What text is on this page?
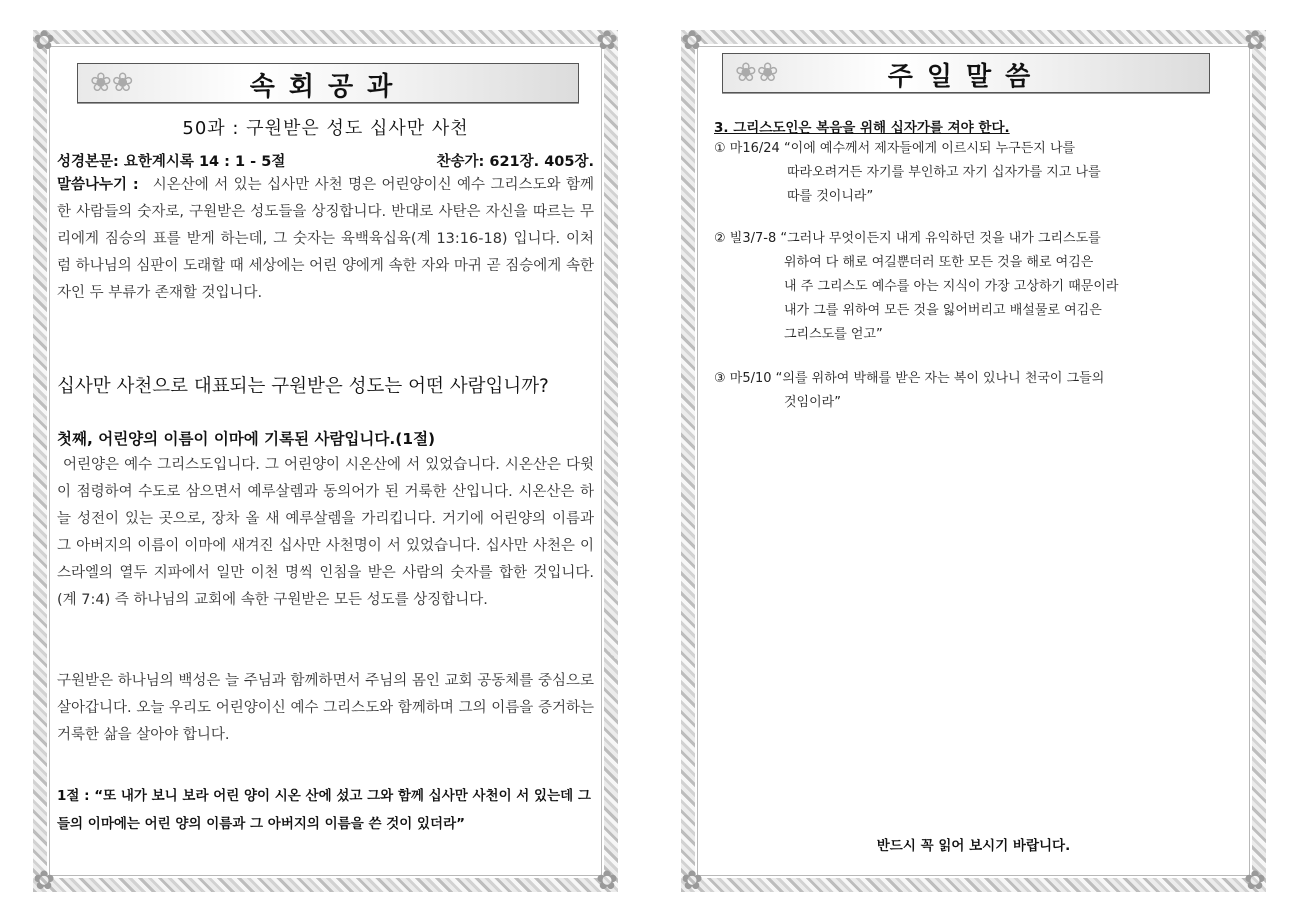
✿	✿
✿	✿
❀❀	속회공과
50과 : 구원받은 성도 십사만 사천
성경본문: 요한계시록 14 : 1 - 5절	찬송가: 621장. 405장.
말씀나누기 : 시온산에 서 있는 십사만 사천 명은 어린양이신 예수 그리스도와 함께한 사람들의 숫자로, 구원받은 성도들을 상징합니다. 반대로 사탄은 자신을 따르는 무리에게 짐승의 표를 받게 하는데, 그 숫자는 육백육십육(계 13:16-18) 입니다. 이처럼 하나님의 심판이 도래할 때 세상에는 어린 양에게 속한 자와 마귀 곧 짐승에게 속한 자인 두 부류가 존재할 것입니다.
십사만 사천으로 대표되는 구원받은 성도는 어떤 사람입니까?
첫째, 어린양의 이름이 이마에 기록된 사람입니다.(1절)
어린양은 예수 그리스도입니다. 그 어린양이 시온산에 서 있었습니다. 시온산은 다윗이 점령하여 수도로 삼으면서 예루살렘과 동의어가 된 거룩한 산입니다. 시온산은 하늘 성전이 있는 곳으로, 장차 올 새 예루살렘을 가리킵니다. 거기에 어린양의 이름과 그 아버지의 이름이 이마에 새겨진 십사만 사천명이 서 있었습니다. 십사만 사천은 이스라엘의 열두 지파에서 일만 이천 명씩 인침을 받은 사람의 숫자를 합한 것입니다.(계 7:4) 즉 하나님의 교회에 속한 구원받은 모든 성도를 상징합니다.
구원받은 하나님의 백성은 늘 주님과 함께하면서 주님의 몸인 교회 공동체를 중심으로 살아갑니다. 오늘 우리도 어린양이신 예수 그리스도와 함께하며 그의 이름을 증거하는 거룩한 삶을 살아야 합니다.
1절 : “또 내가 보니 보라 어린 양이 시온 산에 섰고 그와 함께 십사만 사천이 서 있는데 그들의 이마에는 어린 양의 이름과 그 아버지의 이름을 쓴 것이 있더라”
✿	✿
✿	✿
❀❀	주일말씀
3. 그리스도인은 복음을 위해 십자가를 져야 한다.
① 마16/24 “이에 예수께서 제자들에게 이르시되 누구든지 나를
따라오려거든 자기를 부인하고 자기 십자가를 지고 나를
따를 것이니라”
② 빌3/7-8 “그러나 무엇이든지 내게 유익하던 것을 내가 그리스도를
위하여 다 해로 여길뿐더러 또한 모든 것을 해로 여김은
내 주 그리스도 예수를 아는 지식이 가장 고상하기 때문이라
내가 그를 위하여 모든 것을 잃어버리고 배설물로 여김은
그리스도를 얻고”
③ 마5/10 “의를 위하여 박해를 받은 자는 복이 있나니 천국이 그들의
것임이라”
반드시 꼭 읽어 보시기 바랍니다.
